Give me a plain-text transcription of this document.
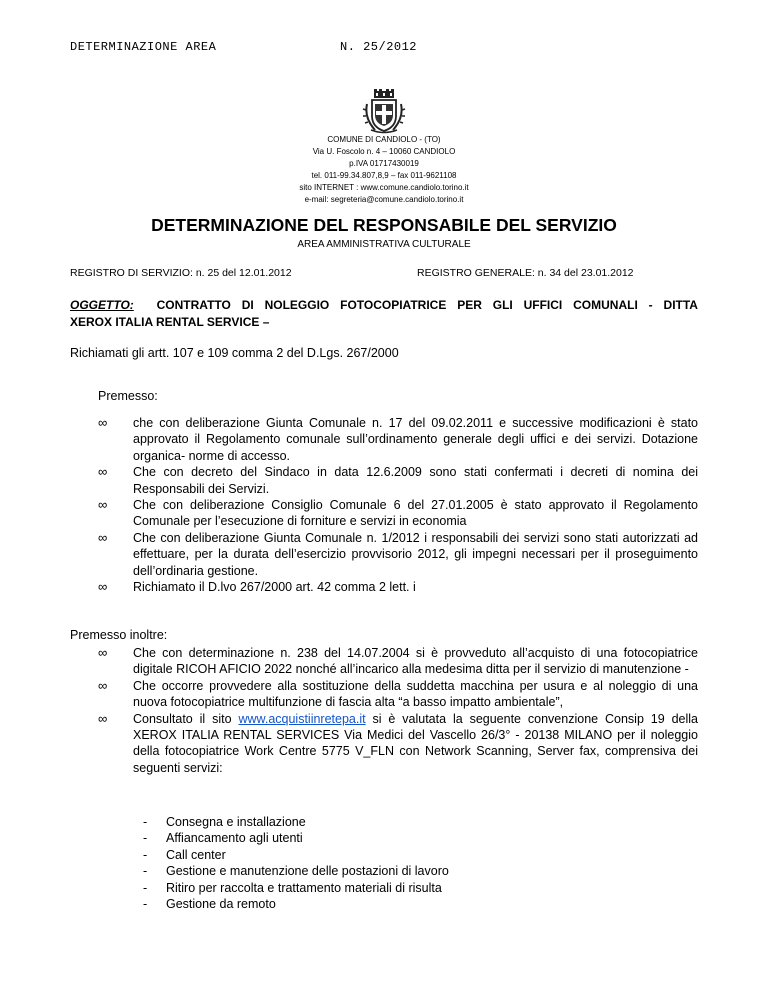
DETERMINAZIONE AREA	N. 25/2012
COMUNE DI CANDIOLO - (TO)
Via U. Foscolo n. 4 – 10060 CANDIOLO
p.IVA 01717430019
tel. 011-99.34.807,8,9 – fax 011-9621108
sito INTERNET : www.comune.candiolo.torino.it
e-mail: segreteria@comune.candiolo.torino.it
DETERMINAZIONE DEL RESPONSABILE DEL SERVIZIO
AREA AMMINISTRATIVA CULTURALE
REGISTRO DI SERVIZIO: n. 25 del 12.01.2012	REGISTRO GENERALE: n. 34 del 23.01.2012
OGGETTO: CONTRATTO DI NOLEGGIO FOTOCOPIATRICE PER GLI UFFICI COMUNALI - DITTA
XEROX ITALIA RENTAL SERVICE –
Richiamati gli artt. 107 e 109 comma 2 del D.Lgs. 267/2000
Premesso:
∞	che con deliberazione Giunta Comunale n. 17 del 09.02.2011 e successive modificazioni è stato approvato il Regolamento comunale sull’ordinamento generale degli uffici e dei servizi. Dotazione organica- norme di accesso.
∞	Che con decreto del Sindaco in data 12.6.2009 sono stati confermati i decreti di nomina dei Responsabili dei Servizi.
∞	Che con deliberazione Consiglio Comunale 6 del 27.01.2005 è stato approvato il Regolamento Comunale per l’esecuzione di forniture e servizi in economia
∞	Che con deliberazione Giunta Comunale n. 1/2012 i responsabili dei servizi sono stati autorizzati ad effettuare, per la durata dell’esercizio provvisorio 2012, gli impegni necessari per il proseguimento dell’ordinaria gestione.
∞	Richiamato il D.lvo 267/2000 art. 42 comma 2 lett. i
Premesso inoltre:
∞	Che con determinazione n. 238 del 14.07.2004 si è provveduto all’acquisto di una fotocopiatrice digitale RICOH AFICIO 2022 nonché all’incarico alla medesima ditta per il servizio di manutenzione -
∞	Che occorre provvedere alla sostituzione della suddetta macchina per usura e al noleggio di una nuova fotocopiatrice multifunzione di fascia alta “a basso impatto ambientale”,
∞	Consultato il sito www.acquistiinretepa.it si è valutata la seguente convenzione Consip 19 della XEROX ITALIA RENTAL SERVICES Via Medici del Vascello 26/3° - 20138 MILANO per il noleggio della fotocopiatrice Work Centre 5775 V_FLN con Network Scanning, Server fax, comprensiva dei seguenti servizi:
- Consegna e installazione
- Affiancamento agli utenti
- Call center
- Gestione e manutenzione delle postazioni di lavoro
- Ritiro per raccolta e trattamento materiali di risulta
- Gestione da remoto
